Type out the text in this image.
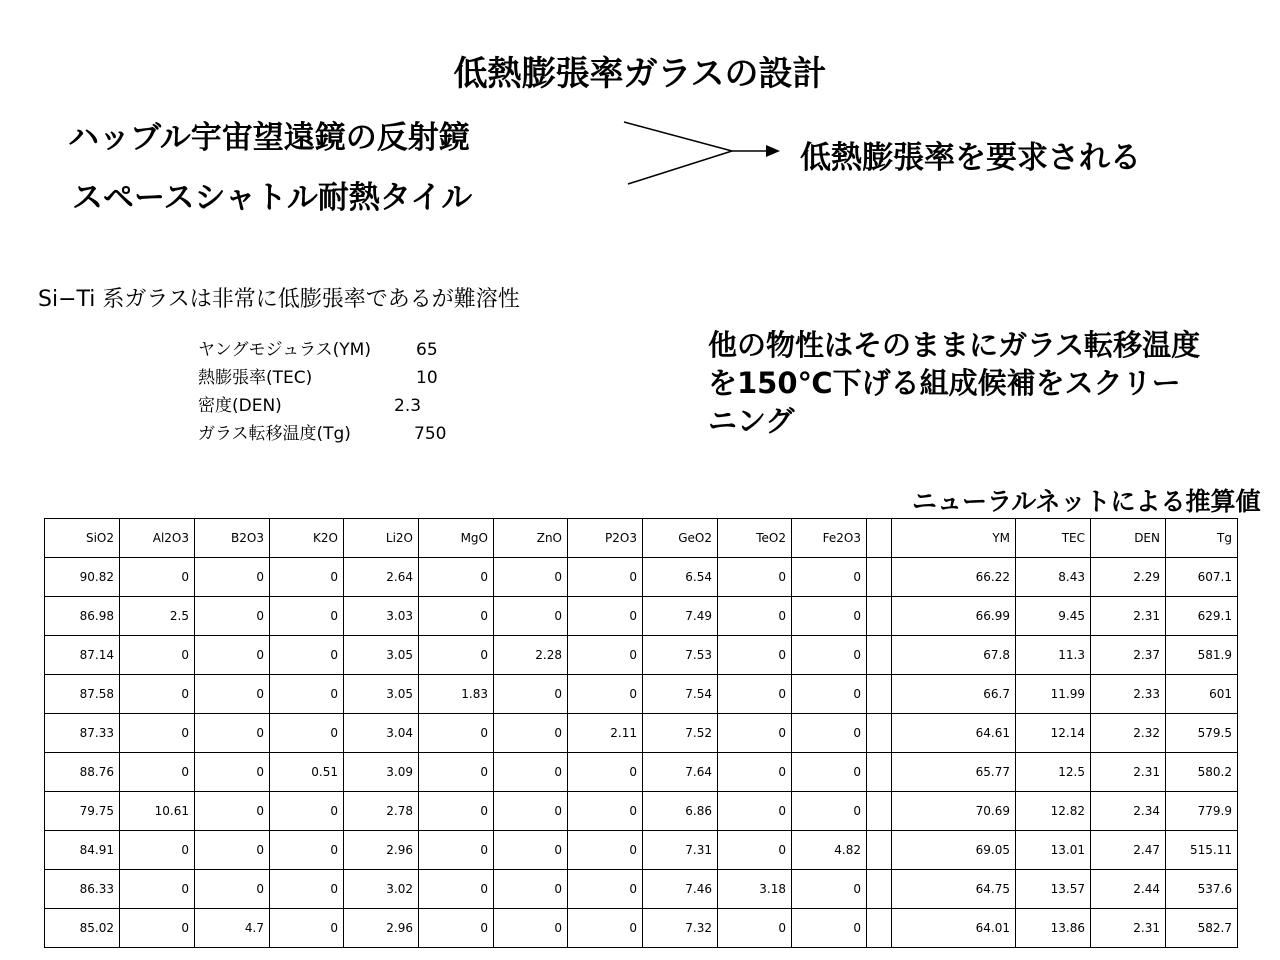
低熱膨張率ガラスの設計
ハッブル宇宙望遠鏡の反射鏡
スペースシャトル耐熱タイル
低熱膨張率を要求される
Si−Ti 系ガラスは非常に低膨張率であるが難溶性
ヤングモジュラス(YM)	65
熱膨張率(TEC)	10
密度(DEN)	2.3
ガラス転移温度(Tg)	750
他の物性はそのままにガラス転移温度を150℃下げる組成候補をスクリーニング
ニューラルネットによる推算値
SiO2	Al2O3	B2O3	K2O	Li2O	MgO	ZnO	P2O3	GeO2	TeO2	Fe2O3		YM	TEC	DEN	Tg
90.82	0	0	0	2.64	0	0	0	6.54	0	0		66.22	8.43	2.29	607.1
86.98	2.5	0	0	3.03	0	0	0	7.49	0	0		66.99	9.45	2.31	629.1
87.14	0	0	0	3.05	0	2.28	0	7.53	0	0		67.8	11.3	2.37	581.9
87.58	0	0	0	3.05	1.83	0	0	7.54	0	0		66.7	11.99	2.33	601
87.33	0	0	0	3.04	0	0	2.11	7.52	0	0		64.61	12.14	2.32	579.5
88.76	0	0	0.51	3.09	0	0	0	7.64	0	0		65.77	12.5	2.31	580.2
79.75	10.61	0	0	2.78	0	0	0	6.86	0	0		70.69	12.82	2.34	779.9
84.91	0	0	0	2.96	0	0	0	7.31	0	4.82		69.05	13.01	2.47	515.11
86.33	0	0	0	3.02	0	0	0	7.46	3.18	0		64.75	13.57	2.44	537.6
85.02	0	4.7	0	2.96	0	0	0	7.32	0	0		64.01	13.86	2.31	582.7
